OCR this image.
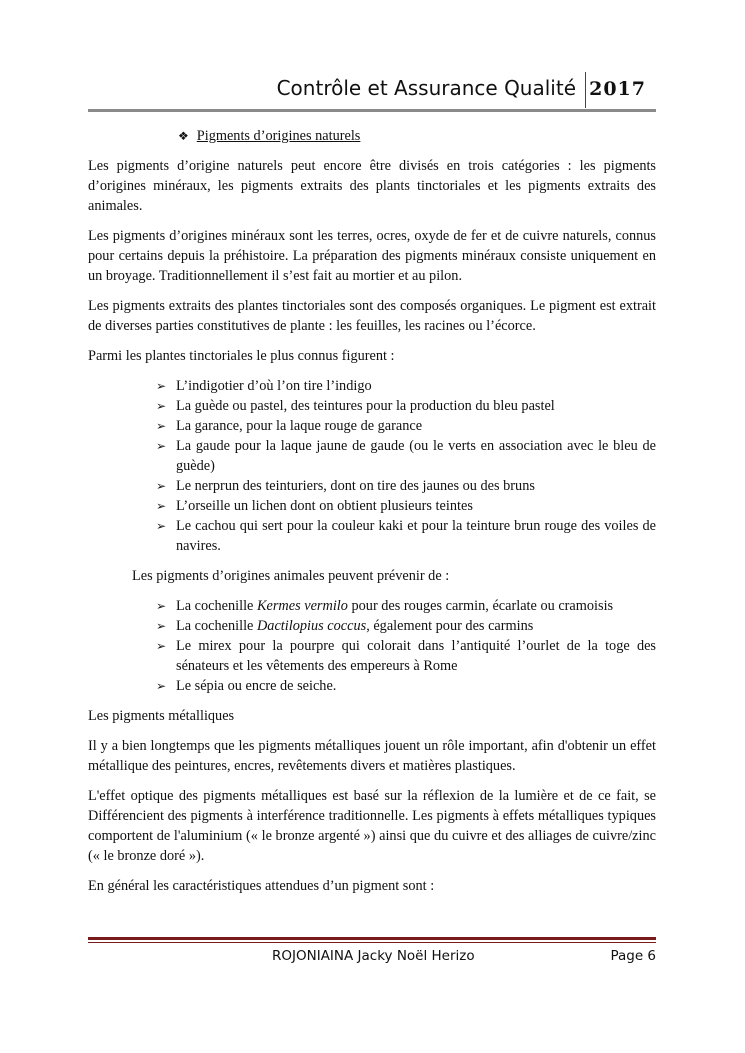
Contrôle et Assurance Qualité 2017
❖ Pigments d’origines naturels

Les pigments d’origine naturels peut encore être divisés en trois catégories : les pigments d’origines minéraux, les pigments extraits des plants tinctoriales et les pigments extraits des animales.

Les pigments d’origines minéraux sont les terres, ocres, oxyde de fer et de cuivre naturels, connus pour certains depuis la préhistoire. La préparation des pigments minéraux consiste uniquement en un broyage. Traditionnellement il s’est fait au mortier et au pilon.

Les pigments extraits des plantes tinctoriales sont des composés organiques. Le pigment est extrait de diverses parties constitutives de plante : les feuilles, les racines ou l’écorce.

Parmi les plantes tinctoriales le plus connus figurent :

➢ L’indigotier d’où l’on tire l’indigo
➢ La guède ou pastel, des teintures pour la production du bleu pastel
➢ La garance, pour la laque rouge de garance
➢ La gaude pour la laque jaune de gaude (ou le verts en association avec le bleu de guède)
➢ Le nerprun des teinturiers, dont on tire des jaunes ou des bruns
➢ L’orseille un lichen dont on obtient plusieurs teintes
➢ Le cachou qui sert pour la couleur kaki et pour la teinture brun rouge des voiles de navires.

Les pigments d’origines animales peuvent prévenir de :

➢ La cochenille Kermes vermilo pour des rouges carmin, écarlate ou cramoisis
➢ La cochenille Dactilopius coccus, également pour des carmins
➢ Le mirex pour la pourpre qui colorait dans l’antiquité l’ourlet de la toge des sénateurs et les vêtements des empereurs à Rome
➢ Le sépia ou encre de seiche.

Les pigments métalliques

Il y a bien longtemps que les pigments métalliques jouent un rôle important, afin d'obtenir un effet métallique des peintures, encres, revêtements divers et matières plastiques.

L'effet optique des pigments métalliques est basé sur la réflexion de la lumière et de ce fait, se Différencient des pigments à interférence traditionnelle. Les pigments à effets métalliques typiques comportent de l'aluminium (« le bronze argenté ») ainsi que du cuivre et des alliages de cuivre/zinc (« le bronze doré »).

En général les caractéristiques attendues d’un pigment sont :

ROJONIAINA Jacky Noël Herizo	Page 6
